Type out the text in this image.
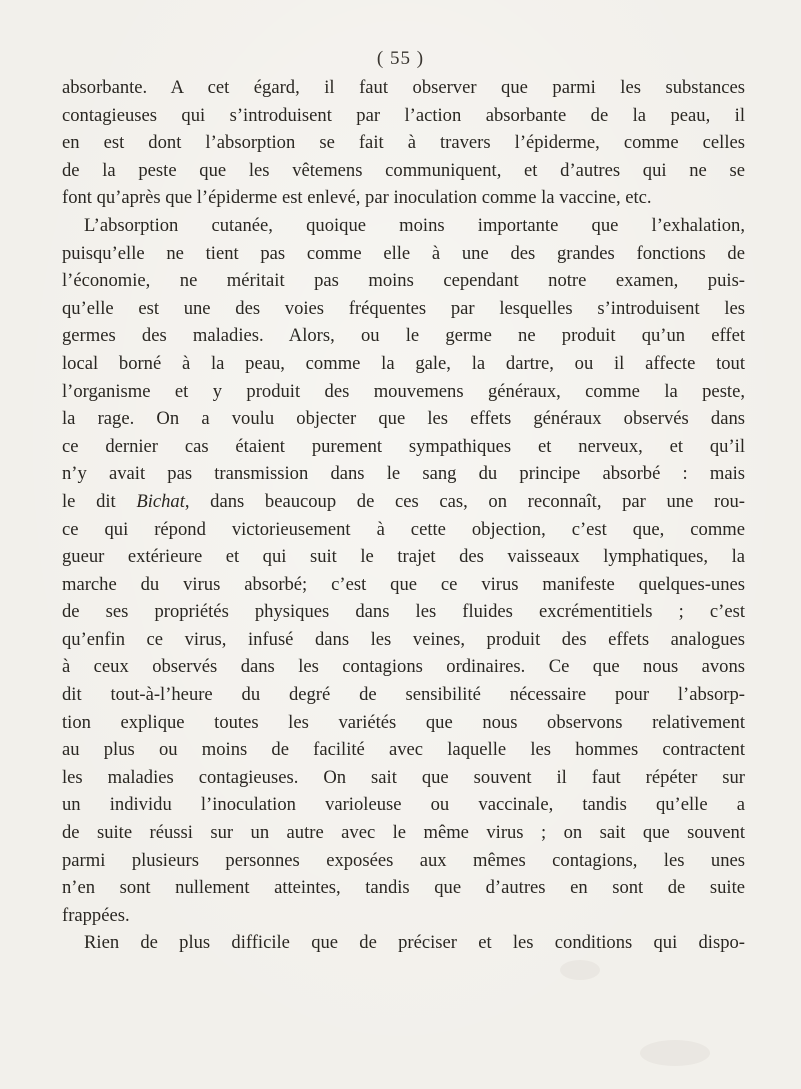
( 55 )
absorbante. A cet égard, il faut observer que parmi les substances
contagieuses qui s’introduisent par l’action absorbante de la peau, il
en est dont l’absorption se fait à travers l’épiderme, comme celles
de la peste que les vêtemens communiquent, et d’autres qui ne se
font qu’après que l’épiderme est enlevé, par inoculation comme la vaccine, etc.
L’absorption cutanée, quoique moins importante que l’exhalation,
puisqu’elle ne tient pas comme elle à une des grandes fonctions de
l’économie, ne méritait pas moins cependant notre examen, puis-
qu’elle est une des voies fréquentes par lesquelles s’introduisent les
germes des maladies. Alors, ou le germe ne produit qu’un effet
local borné à la peau, comme la gale, la dartre, ou il affecte tout
l’organisme et y produit des mouvemens généraux, comme la peste,
la rage. On a voulu objecter que les effets généraux observés dans
ce dernier cas étaient purement sympathiques et nerveux, et qu’il
n’y avait pas transmission dans le sang du principe absorbé : mais
le dit Bichat, dans beaucoup de ces cas, on reconnaît, par une rou-
ce qui répond victorieusement à cette objection, c’est que, comme
gueur extérieure et qui suit le trajet des vaisseaux lymphatiques, la
marche du virus absorbé; c’est que ce virus manifeste quelques-unes
de ses propriétés physiques dans les fluides excrémentitiels ; c’est
qu’enfin ce virus, infusé dans les veines, produit des effets analogues
à ceux observés dans les contagions ordinaires. Ce que nous avons
dit tout-à-l’heure du degré de sensibilité nécessaire pour l’absorp-
tion explique toutes les variétés que nous observons relativement
au plus ou moins de facilité avec laquelle les hommes contractent
les maladies contagieuses. On sait que souvent il faut répéter sur
un individu l’inoculation varioleuse ou vaccinale, tandis qu’elle a
de suite réussi sur un autre avec le même virus ; on sait que souvent
parmi plusieurs personnes exposées aux mêmes contagions, les unes
n’en sont nullement atteintes, tandis que d’autres en sont de suite
frappées.
Rien de plus difficile que de préciser et les conditions qui dispo-
